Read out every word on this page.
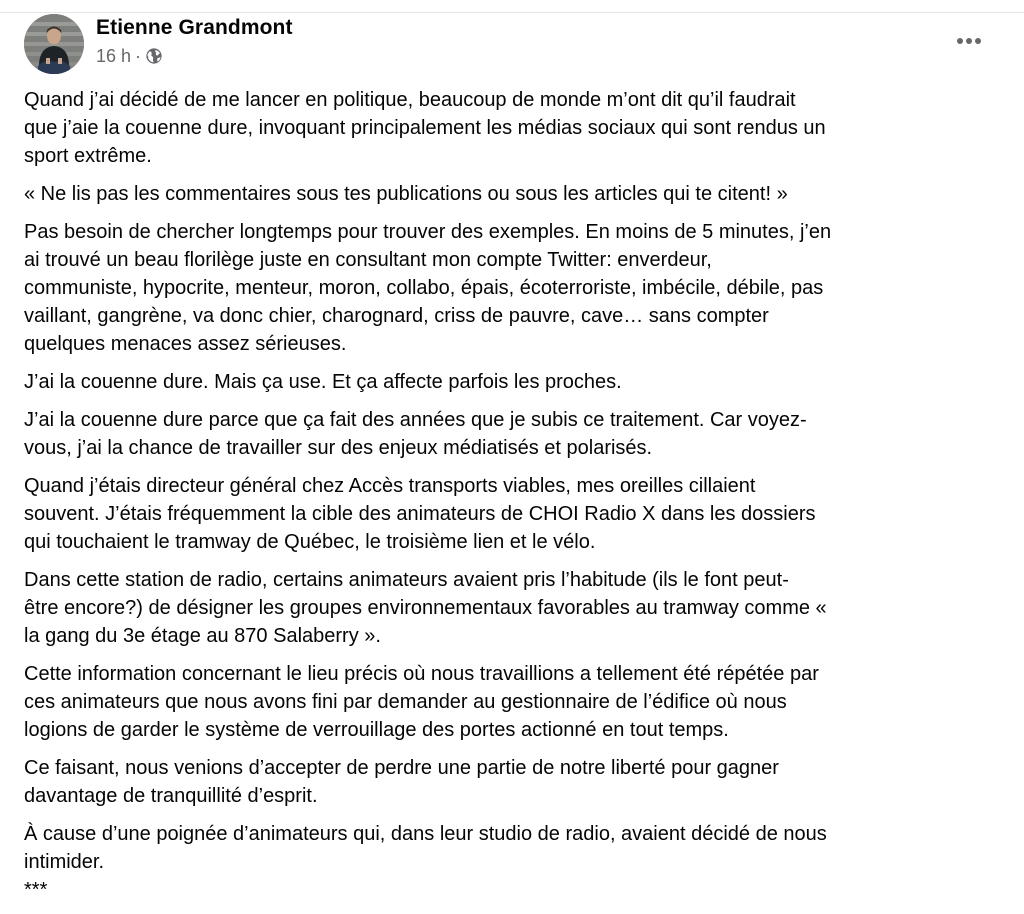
Etienne Grandmont
16 h ·

Quand j’ai décidé de me lancer en politique, beaucoup de monde m’ont dit qu’il faudrait
que j’aie la couenne dure, invoquant principalement les médias sociaux qui sont rendus un
sport extrême.

« Ne lis pas les commentaires sous tes publications ou sous les articles qui te citent! »

Pas besoin de chercher longtemps pour trouver des exemples. En moins de 5 minutes, j’en
ai trouvé un beau florilège juste en consultant mon compte Twitter: enverdeur,
communiste, hypocrite, menteur, moron, collabo, épais, écoterroriste, imbécile, débile, pas
vaillant, gangrène, va donc chier, charognard, criss de pauvre, cave… sans compter
quelques menaces assez sérieuses.

J’ai la couenne dure. Mais ça use. Et ça affecte parfois les proches.

J’ai la couenne dure parce que ça fait des années que je subis ce traitement. Car voyez-
vous, j’ai la chance de travailler sur des enjeux médiatisés et polarisés.

Quand j’étais directeur général chez Accès transports viables, mes oreilles cillaient
souvent. J’étais fréquemment la cible des animateurs de CHOI Radio X dans les dossiers
qui touchaient le tramway de Québec, le troisième lien et le vélo.

Dans cette station de radio, certains animateurs avaient pris l’habitude (ils le font peut-
être encore?) de désigner les groupes environnementaux favorables au tramway comme «
la gang du 3e étage au 870 Salaberry ».

Cette information concernant le lieu précis où nous travaillions a tellement été répétée par
ces animateurs que nous avons fini par demander au gestionnaire de l’édifice où nous
logions de garder le système de verrouillage des portes actionné en tout temps.

Ce faisant, nous venions d’accepter de perdre une partie de notre liberté pour gagner
davantage de tranquillité d’esprit.

À cause d’une poignée d’animateurs qui, dans leur studio de radio, avaient décidé de nous
intimider.
***
